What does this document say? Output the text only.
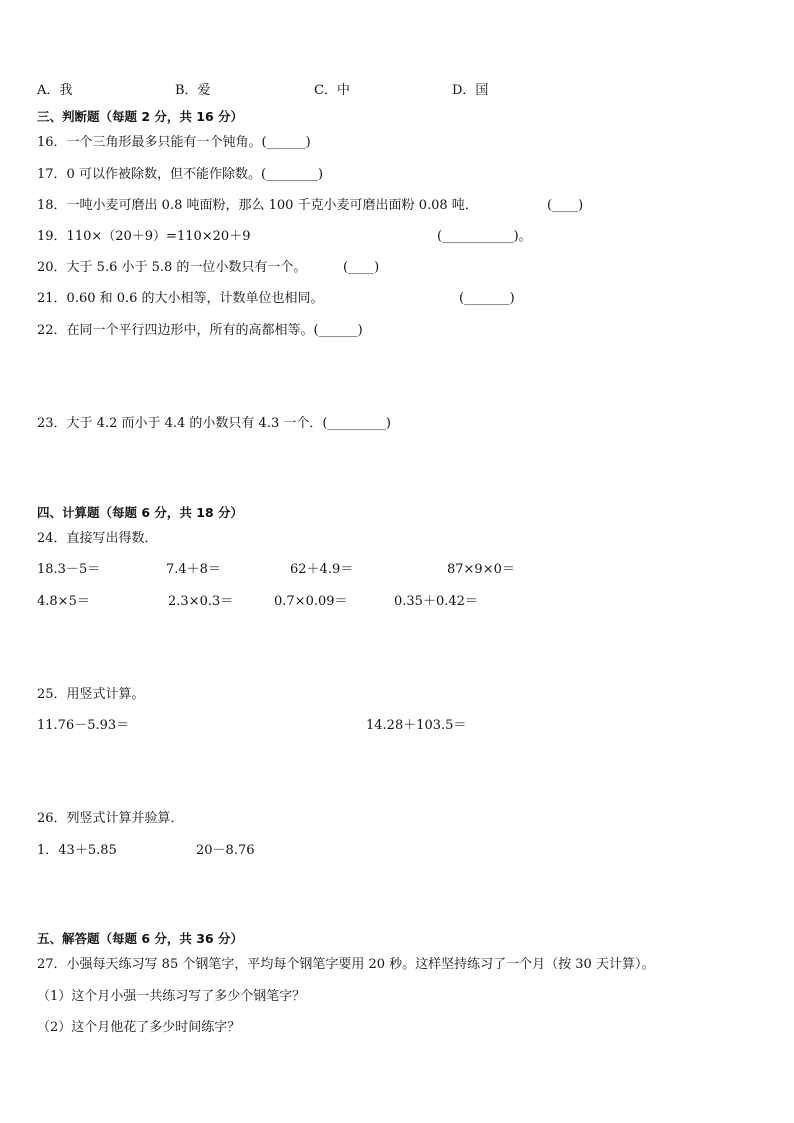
A．我	B．爱	C．中	D．国
三、判断题（每题 2 分，共 16 分）
16．一个三角形最多只能有一个钝角。(______)
17．0 可以作被除数，但不能作除数。(________)
18．一吨小麦可磨出 0.8 吨面粉，那么 100 千克小麦可磨出面粉 0.08 吨．	(____)
19．110×（20＋9）=110×20＋9	(___________)。
20．大于 5.6 小于 5.8 的一位小数只有一个。	(____)
21．0.60 和 0.6 的大小相等，计数单位也相同。	(_______)
22．在同一个平行四边形中，所有的高都相等。(______)
23．大于 4.2 而小于 4.4 的小数只有 4.3 一个．(_________)
四、计算题（每题 6 分，共 18 分）
24．直接写出得数．
18.3－5＝	7.4＋8＝	62＋4.9＝	87×9×0＝
4.8×5＝	2.3×0.3＝	0.7×0.09＝	0.35＋0.42＝
25．用竖式计算。
11.76－5.93＝	14.28＋103.5＝
26．列竖式计算并验算．
1．43＋5.85	20－8.76
五、解答题（每题 6 分，共 36 分）
27．小强每天练习写 85 个钢笔字，平均每个钢笔字要用 20 秒。这样坚持练习了一个月（按 30 天计算）。
（1）这个月小强一共练习写了多少个钢笔字？
（2）这个月他花了多少时间练字？
